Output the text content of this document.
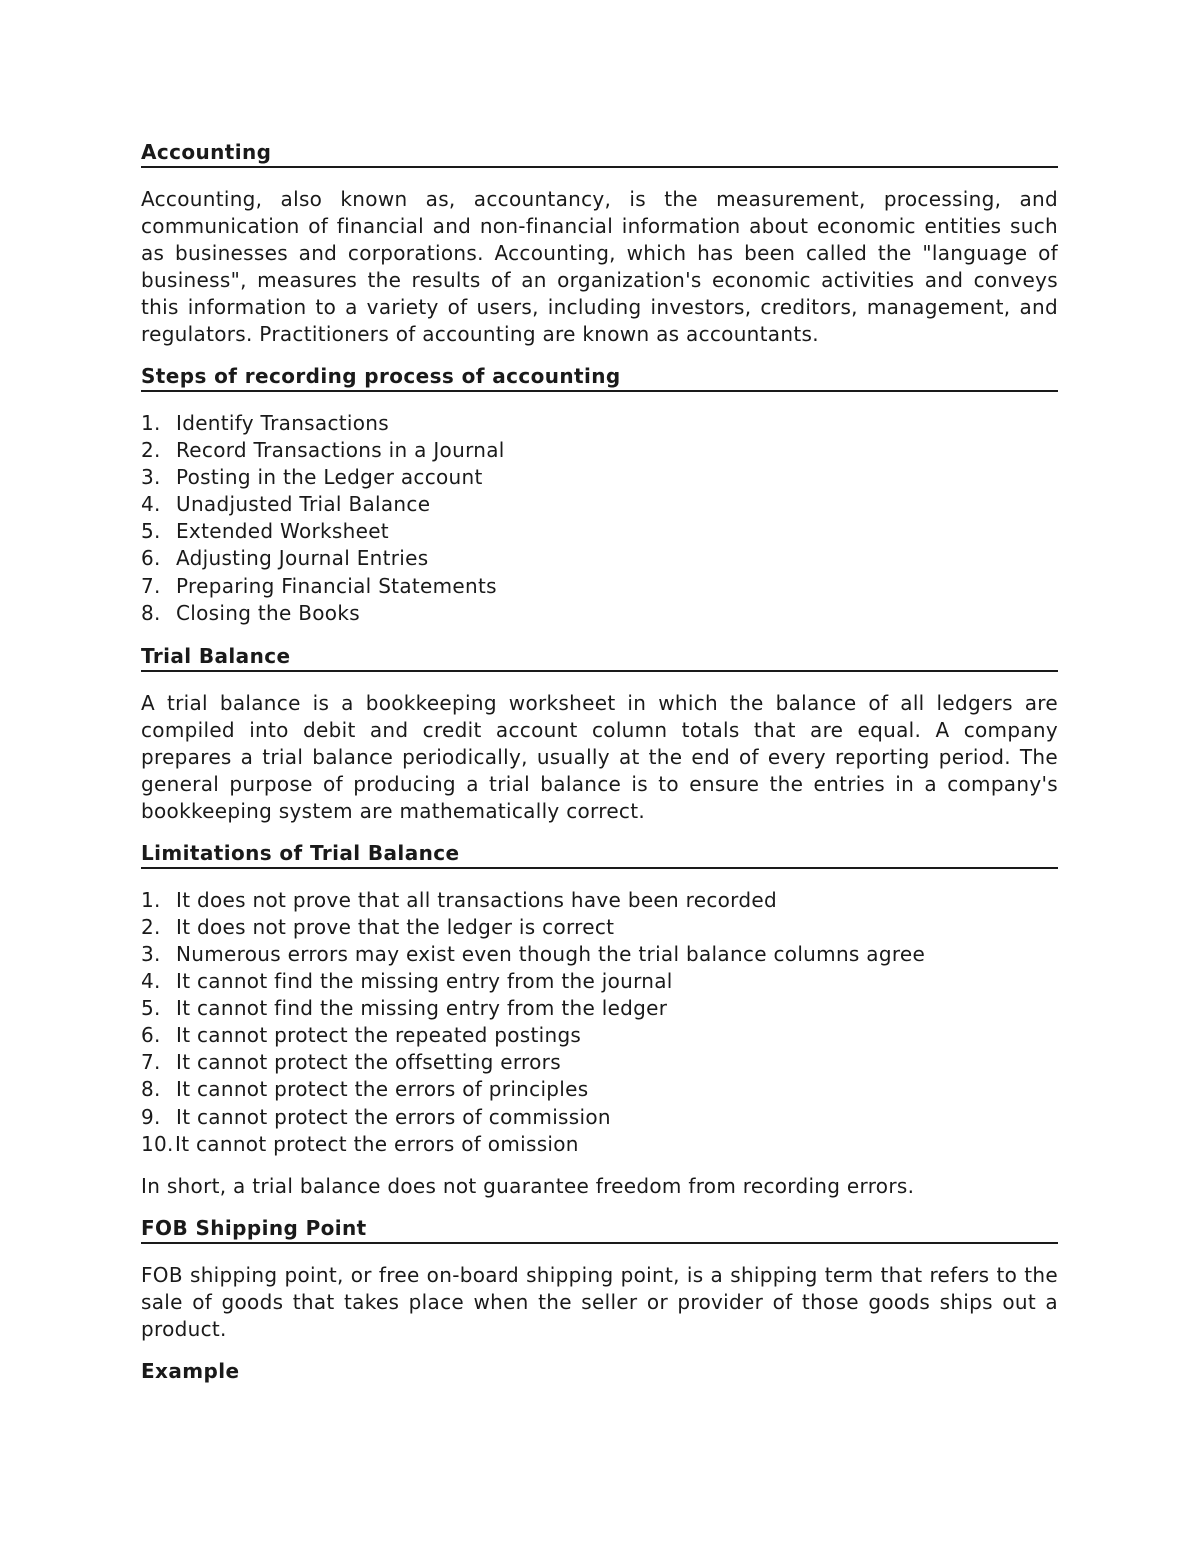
Accounting

Accounting, also known as, accountancy, is the measurement, processing, and communication of financial and non-financial information about economic entities such as businesses and corporations. Accounting, which has been called the "language of business", measures the results of an organization's economic activities and conveys this information to a variety of users, including investors, creditors, management, and regulators. Practitioners of accounting are known as accountants.

Steps of recording process of accounting
1. Identify Transactions
2. Record Transactions in a Journal
3. Posting in the Ledger account
4. Unadjusted Trial Balance
5. Extended Worksheet
6. Adjusting Journal Entries
7. Preparing Financial Statements
8. Closing the Books
Trial Balance

A trial balance is a bookkeeping worksheet in which the balance of all ledgers are compiled into debit and credit account column totals that are equal. A company prepares a trial balance periodically, usually at the end of every reporting period. The general purpose of producing a trial balance is to ensure the entries in a company's bookkeeping system are mathematically correct.

Limitations of Trial Balance
1. It does not prove that all transactions have been recorded
2. It does not prove that the ledger is correct
3. Numerous errors may exist even though the trial balance columns agree
4. It cannot find the missing entry from the journal
5. It cannot find the missing entry from the ledger
6. It cannot protect the repeated postings
7. It cannot protect the offsetting errors
8. It cannot protect the errors of principles
9. It cannot protect the errors of commission
10. It cannot protect the errors of omission

In short, a trial balance does not guarantee freedom from recording errors.

FOB Shipping Point

FOB shipping point, or free on-board shipping point, is a shipping term that refers to the sale of goods that takes place when the seller or provider of those goods ships out a product.

Example
